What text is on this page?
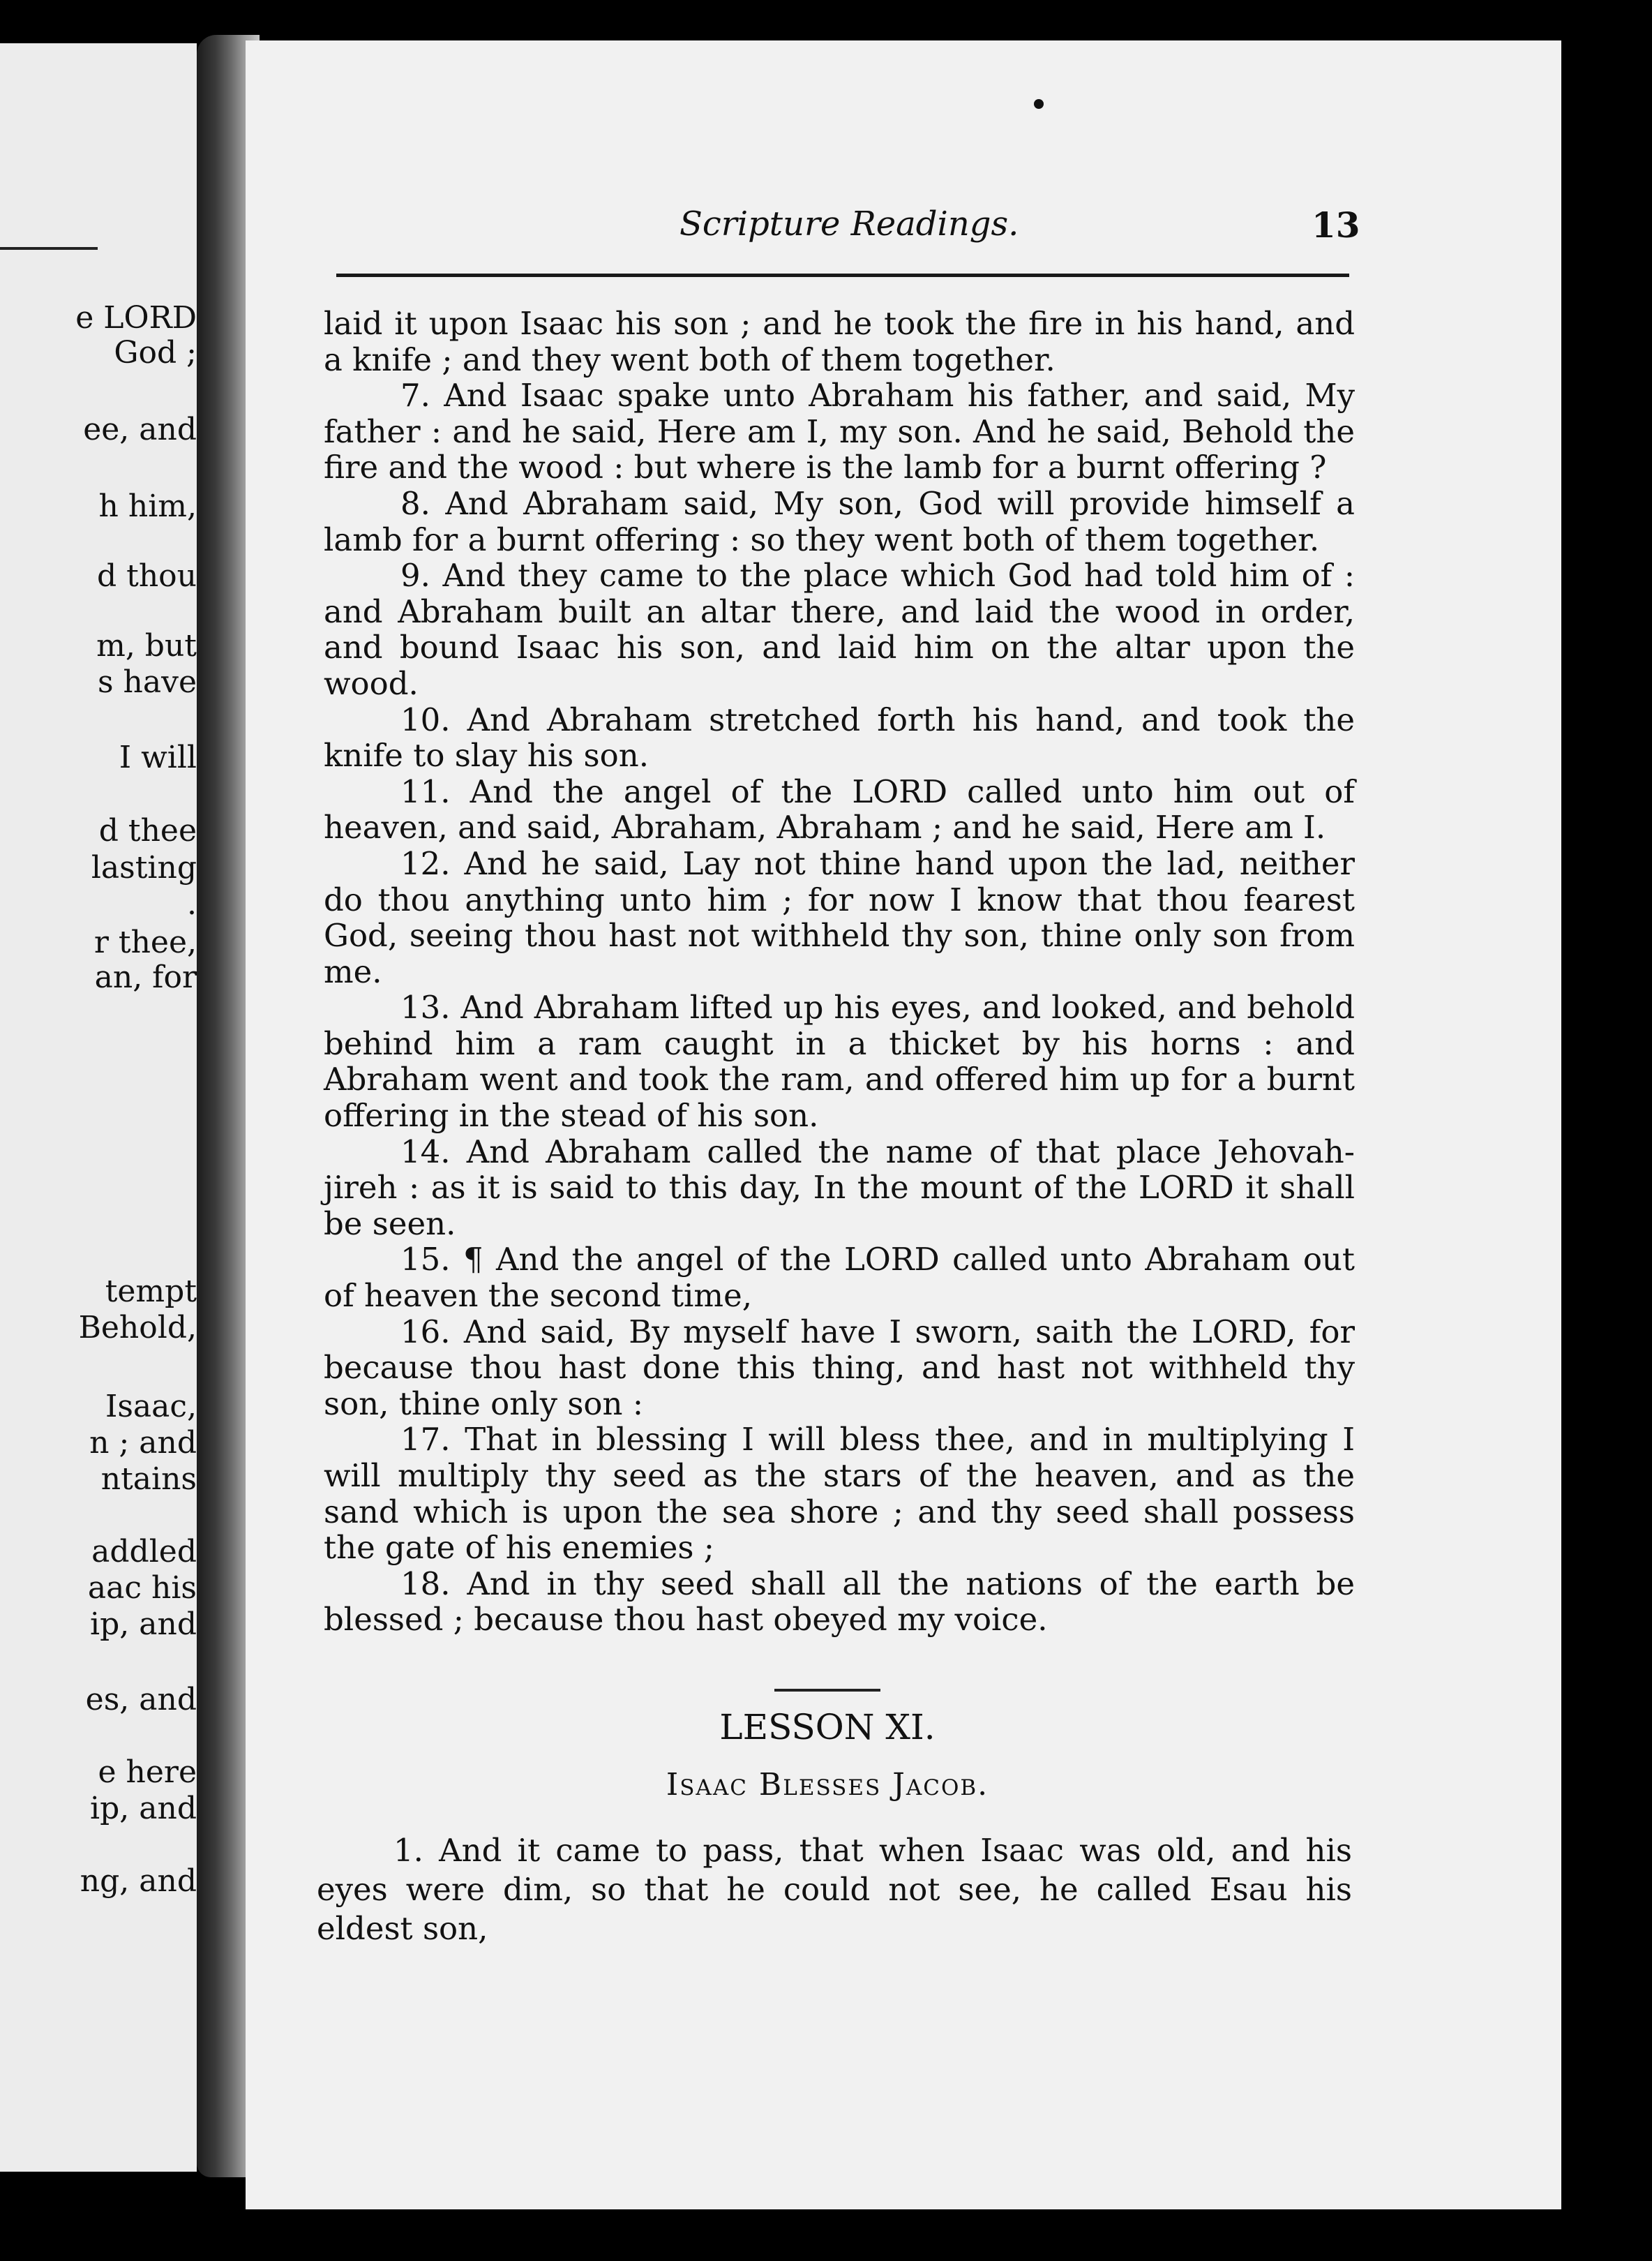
e LORD
God ;
ee, and
h him,
d thou
m, but
s have
I will
d thee
lasting
.
r thee,
an, for
tempt
Behold,
Isaac,
n ; and
ntains
addled
aac his
ip, and
es, and
e here
ip, and
ng, and
Scripture Readings.	13

laid it upon Isaac his son ; and he took the fire in his hand, and a knife ; and they went both of them together.

7. And Isaac spake unto Abraham his father, and said, My father : and he said, Here am I, my son. And he said, Behold the fire and the wood : but where is the lamb for a burnt offering ?

8. And Abraham said, My son, God will provide himself a lamb for a burnt offering : so they went both of them together.

9. And they came to the place which God had told him of : and Abraham built an altar there, and laid the wood in order, and bound Isaac his son, and laid him on the altar upon the wood.

10. And Abraham stretched forth his hand, and took the knife to slay his son.

11. And the angel of the LORD called unto him out of heaven, and said, Abraham, Abraham ; and he said, Here am I.

12. And he said, Lay not thine hand upon the lad, neither do thou anything unto him ; for now I know that thou fearest God, seeing thou hast not withheld thy son, thine only son from me.

13. And Abraham lifted up his eyes, and looked, and behold behind him a ram caught in a thicket by his horns : and Abraham went and took the ram, and offered him up for a burnt offering in the stead of his son.

14. And Abraham called the name of that place Jehovah-jireh : as it is said to this day, In the mount of the LORD it shall be seen.

15. ¶ And the angel of the LORD called unto Abraham out of heaven the second time,

16. And said, By myself have I sworn, saith the LORD, for because thou hast done this thing, and hast not withheld thy son, thine only son :

17. That in blessing I will bless thee, and in multiplying I will multiply thy seed as the stars of the heaven, and as the sand which is upon the sea shore ; and thy seed shall possess the gate of his enemies ;

18. And in thy seed shall all the nations of the earth be blessed ; because thou hast obeyed my voice.

LESSON XI.
Isaac Blesses Jacob.

1. And it came to pass, that when Isaac was old, and his eyes were dim, so that he could not see, he called Esau his eldest son,
